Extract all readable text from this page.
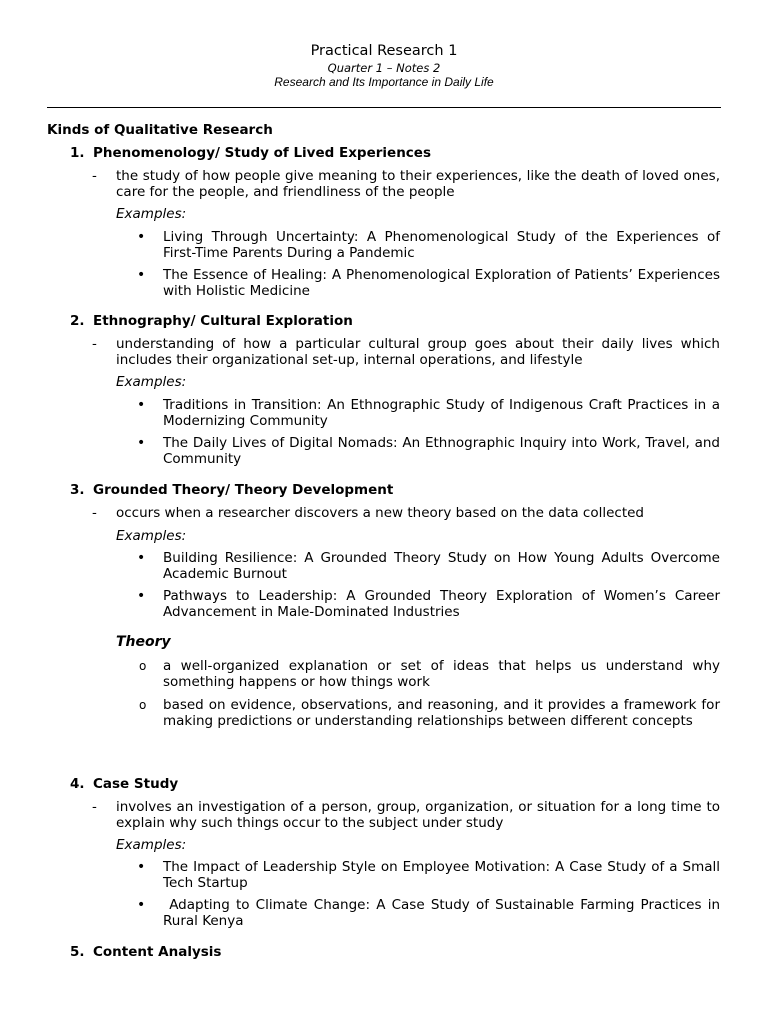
Practical Research 1
Quarter 1 – Notes 2
Research and Its Importance in Daily Life
Kinds of Qualitative Research
1. Phenomenology/ Study of Lived Experiences
- the study of how people give meaning to their experiences, like the death of loved ones, care for the people, and friendliness of the people
Examples:
• Living Through Uncertainty: A Phenomenological Study of the Experiences of First-Time Parents During a Pandemic
• The Essence of Healing: A Phenomenological Exploration of Patients’ Experiences with Holistic Medicine
2. Ethnography/ Cultural Exploration
- understanding of how a particular cultural group goes about their daily lives which includes their organizational set-up, internal operations, and lifestyle
Examples:
• Traditions in Transition: An Ethnographic Study of Indigenous Craft Practices in a Modernizing Community
• The Daily Lives of Digital Nomads: An Ethnographic Inquiry into Work, Travel, and Community
3. Grounded Theory/ Theory Development
- occurs when a researcher discovers a new theory based on the data collected
Examples:
• Building Resilience: A Grounded Theory Study on How Young Adults Overcome Academic Burnout
• Pathways to Leadership: A Grounded Theory Exploration of Women’s Career Advancement in Male-Dominated Industries
Theory
o a well-organized explanation or set of ideas that helps us understand why something happens or how things work
o based on evidence, observations, and reasoning, and it provides a framework for making predictions or understanding relationships between different concepts
4. Case Study
- involves an investigation of a person, group, organization, or situation for a long time to explain why such things occur to the subject under study
Examples:
• The Impact of Leadership Style on Employee Motivation: A Case Study of a Small Tech Startup
• Adapting to Climate Change: A Case Study of Sustainable Farming Practices in Rural Kenya
5. Content Analysis
